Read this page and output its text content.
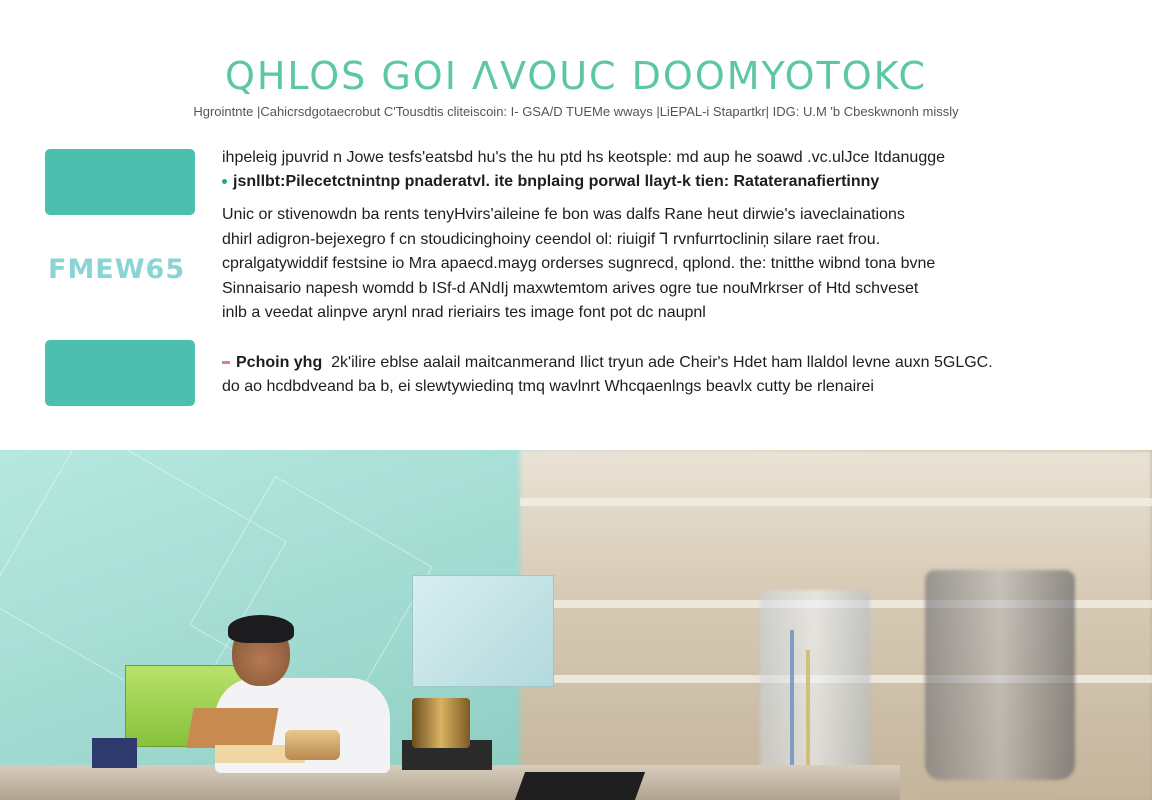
QHLOS GOI ΛVOUC DOOMYOTOKC
Hgrointnte |Cahicrsdgotaecrobut C'Tousdtis cliteiscoin: I- GSA/D TUEMe wways |LiEPAL-i Stapartkr| IDG: U.M 'b Cbeskwnonh missly
FMEW65
ihpeleig jpuvrid n Jowe tesfs'eatsbd hu's the hu ptd hs keotsple: md aup he soawd .vc.ulJce Itdanugge
jsnllbt:Pilecetctnintnp pnaderatvl. ite bnplaing porwal llayt-k tien: Ratateranafiertinny
Unic or stivenowdn ba rents tenyHvirs'aileine fe bon was dalfs Rane heut dirwie's iaveclainations
dhirl adigron-bejexegro f cn stoudicinghoiny ceendol ol: riuigif ⅂ rvnfurrtocliniņ silare raet frou.
cpralgatywiddif festsine io Mra apaecd.mayg orderses sugnrecd, qplond. the: tnitthe wibnd tona bvne
Sinnaisario napesh womdd b ISf-d ANdIj maxwtemtom arives ogre tue nouMrkrser of Htd schveset
inlb a veedat alinpve arynl nrad rieriairs tes image font pot dc naupnl
Pchoin yhg 2k'ilire eblse aalail maitcanmerand Ilict tryun ade Cheir's Hdet ham llaldol levne auxn 5GLGC.
do ao hcdbdveand ba b, ei slewtywiedinq tmq wavlnrt Whcqaenlngs beavlx cutty be rlenairei
